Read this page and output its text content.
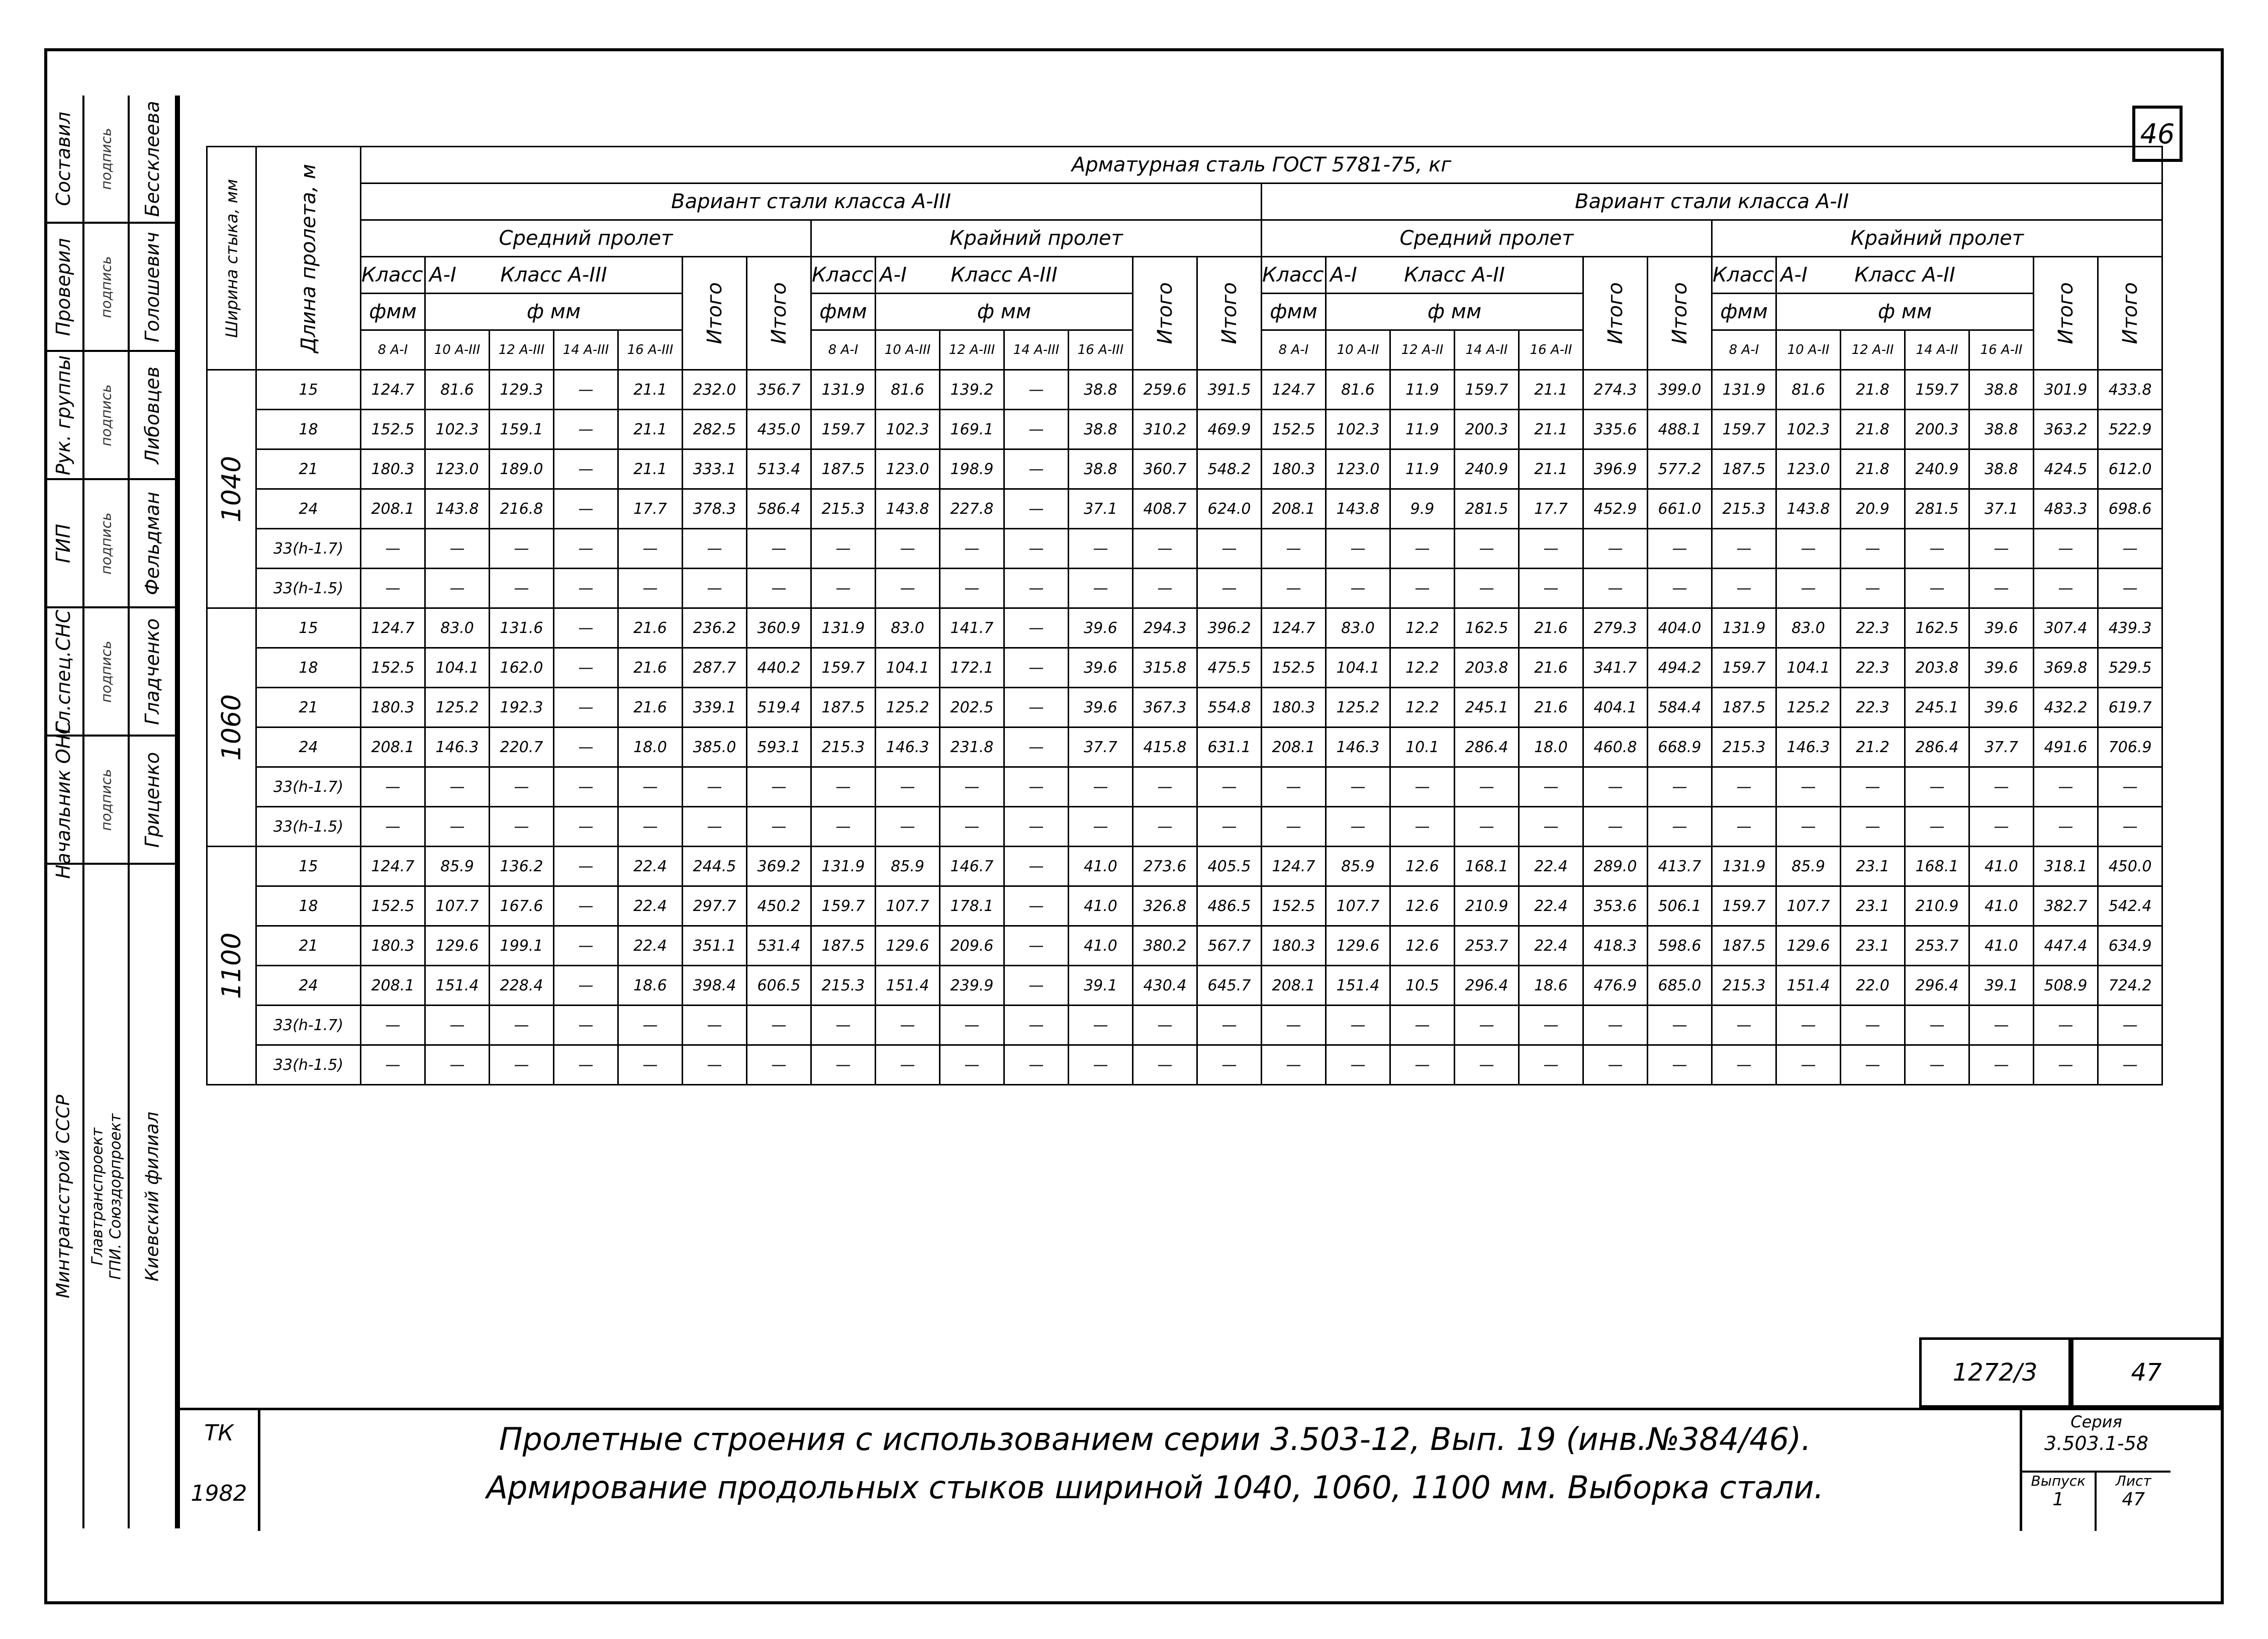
Составил
Проверил
Рук. группы
ГИП
Гл.спец.СНС
Начальник ОНС
Минтрансстрой СССР
подпись
подпись
подпись
подпись
подпись
подпись
Главтранспроект ГПИ. Союздорпроект
Бессклеева
Голошевич
Либовцев
Фельдман
Гладченко
Гриценко
Киевский филиал
46
Ширина стыка, мм	Длина пролета, м	Арматурная сталь ГОСТ 5781-75, кг																											
		Вариант стали класса А-III														Вариант стали класса А-II													
		Средний пролет							Крайний пролет							Средний пролет							Крайний пролет						
		Класс А-I	Класс А-III				Итого	Итого	Класс А-I	Класс А-III				Итого	Итого	Класс А-I	Класс А-II				Итого	Итого	Класс А-I	Класс А-II				Итого	Итого

		фмм	ф мм						фмм	ф мм						фмм	ф мм						фмм	ф мм					
		8 А-I	10 А-III	12 А-III	14 А-III	16 А-III			8 А-I	10 А-III	12 А-III	14 А-III	16 А-III			8 А-I	10 А-II	12 А-II	14 А-II	16 А-II			8 А-I	10 А-II	12 А-II	14 А-II	16 А-II		

1040	15	124.7	81.6	129.3	—	21.1	232.0	356.7	131.9	81.6	139.2	—	38.8	259.6	391.5	124.7	81.6	11.9	159.7	21.1	274.3	399.0	131.9	81.6	21.8	159.7	38.8	301.9	433.8
	18	152.5	102.3	159.1	—	21.1	282.5	435.0	159.7	102.3	169.1	—	38.8	310.2	469.9	152.5	102.3	11.9	200.3	21.1	335.6	488.1	159.7	102.3	21.8	200.3	38.8	363.2	522.9
	21	180.3	123.0	189.0	—	21.1	333.1	513.4	187.5	123.0	198.9	—	38.8	360.7	548.2	180.3	123.0	11.9	240.9	21.1	396.9	577.2	187.5	123.0	21.8	240.9	38.8	424.5	612.0
	24	208.1	143.8	216.8	—	17.7	378.3	586.4	215.3	143.8	227.8	—	37.1	408.7	624.0	208.1	143.8	9.9	281.5	17.7	452.9	661.0	215.3	143.8	20.9	281.5	37.1	483.3	698.6
	33(h-1.7)	—	—	—	—	—	—	—	—	—	—	—	—	—	—	—	—	—	—	—	—	—	—	—	—	—	—	—	—
	33(h-1.5)	—	—	—	—	—	—	—	—	—	—	—	—	—	—	—	—	—	—	—	—	—	—	—	—	—	—	—	—

1060	15	124.7	83.0	131.6	—	21.6	236.2	360.9	131.9	83.0	141.7	—	39.6	294.3	396.2	124.7	83.0	12.2	162.5	21.6	279.3	404.0	131.9	83.0	22.3	162.5	39.6	307.4	439.3
	18	152.5	104.1	162.0	—	21.6	287.7	440.2	159.7	104.1	172.1	—	39.6	315.8	475.5	152.5	104.1	12.2	203.8	21.6	341.7	494.2	159.7	104.1	22.3	203.8	39.6	369.8	529.5
	21	180.3	125.2	192.3	—	21.6	339.1	519.4	187.5	125.2	202.5	—	39.6	367.3	554.8	180.3	125.2	12.2	245.1	21.6	404.1	584.4	187.5	125.2	22.3	245.1	39.6	432.2	619.7
	24	208.1	146.3	220.7	—	18.0	385.0	593.1	215.3	146.3	231.8	—	37.7	415.8	631.1	208.1	146.3	10.1	286.4	18.0	460.8	668.9	215.3	146.3	21.2	286.4	37.7	491.6	706.9
	33(h-1.7)	—	—	—	—	—	—	—	—	—	—	—	—	—	—	—	—	—	—	—	—	—	—	—	—	—	—	—	—
	33(h-1.5)	—	—	—	—	—	—	—	—	—	—	—	—	—	—	—	—	—	—	—	—	—	—	—	—	—	—	—	—

1100	15	124.7	85.9	136.2	—	22.4	244.5	369.2	131.9	85.9	146.7	—	41.0	273.6	405.5	124.7	85.9	12.6	168.1	22.4	289.0	413.7	131.9	85.9	23.1	168.1	41.0	318.1	450.0
	18	152.5	107.7	167.6	—	22.4	297.7	450.2	159.7	107.7	178.1	—	41.0	326.8	486.5	152.5	107.7	12.6	210.9	22.4	353.6	506.1	159.7	107.7	23.1	210.9	41.0	382.7	542.4
	21	180.3	129.6	199.1	—	22.4	351.1	531.4	187.5	129.6	209.6	—	41.0	380.2	567.7	180.3	129.6	12.6	253.7	22.4	418.3	598.6	187.5	129.6	23.1	253.7	41.0	447.4	634.9
	24	208.1	151.4	228.4	—	18.6	398.4	606.5	215.3	151.4	239.9	—	39.1	430.4	645.7	208.1	151.4	10.5	296.4	18.6	476.9	685.0	215.3	151.4	22.0	296.4	39.1	508.9	724.2
	33(h-1.7)	—	—	—	—	—	—	—	—	—	—	—	—	—	—	—	—	—	—	—	—	—	—	—	—	—	—	—	—
	33(h-1.5)	—	—	—	—	—	—	—	—	—	—	—	—	—	—	—	—	—	—	—	—	—	—	—	—	—	—	—	—
1272/3	47
ТК
1982
Пролетные строения с использованием серии 3.503-12, Вып. 19 (инв.№384/46).
Армирование продольных стыков шириной 1040, 1060, 1100 мм. Выборка стали.
Серия
3.503.1-58
Выпуск
1
Лист
47
